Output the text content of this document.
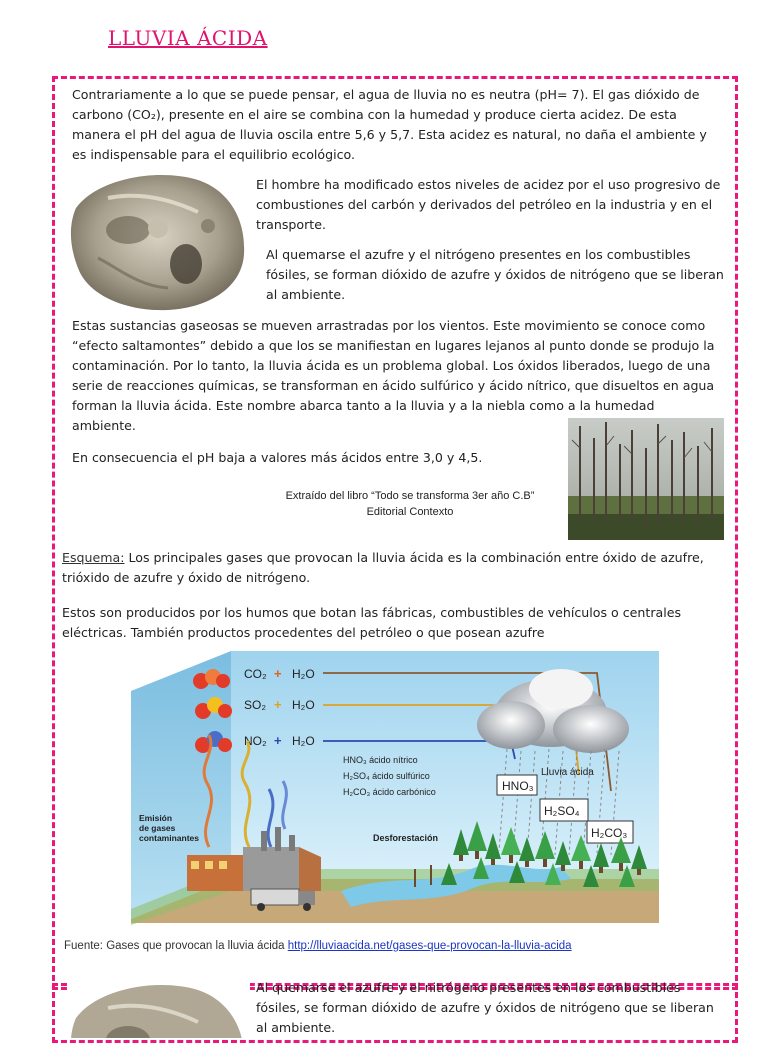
LLUVIA ÁCIDA

Contrariamente a lo que se puede pensar, el agua de lluvia no es neutra (pH= 7). El gas dióxido de carbono (CO₂), presente en el aire se combina con la humedad y produce cierta acidez. De esta manera el pH del agua de lluvia oscila entre 5,6 y 5,7. Esta acidez es natural, no daña el ambiente y es indispensable para el equilibrio ecológico.

El hombre ha modificado estos niveles de acidez por el uso progresivo de combustiones del carbón y derivados del petróleo en la industria y en el transporte.

Al quemarse el azufre y el nitrógeno presentes en los combustibles fósiles, se forman dióxido de azufre y óxidos de nitrógeno que se liberan al ambiente.

Estas sustancias gaseosas se mueven arrastradas por los vientos. Este movimiento se conoce como “efecto saltamontes” debido a que los se manifiestan en lugares lejanos al punto donde se produjo la contaminación. Por lo tanto, la lluvia ácida es un problema global. Los óxidos liberados, luego de una serie de reacciones químicas, se transforman en ácido sulfúrico y ácido nítrico, que disueltos en agua forman la lluvia ácida. Este nombre abarca tanto a la lluvia y a la niebla como a la humedad ambiente.

En consecuencia el pH baja a valores más ácidos entre 3,0 y 4,5.

Extraído del libro “Todo se transforma 3er año C.B”
Editorial Contexto

Esquema: Los principales gases que provocan la lluvia ácida es la combinación entre óxido de azufre, trióxido de azufre y óxido de nitrógeno.

Estos son producidos por los humos que botan las fábricas, combustibles de vehículos o centrales eléctricas. También productos procedentes del petróleo o que posean azufre

CO₂ + H₂O
SO₂ + H₂O
NO₂ + H₂O
HNO₃ ácido nítrico
H₂SO₄ ácido sulfúrico
H₂CO₃ ácido carbónico
Lluvia ácida
HNO₃
H₂SO₄
H₂CO₃
Emisión
de gases
contaminantes	Desforestación
Fuente: Gases que provocan la lluvia ácida http://lluviaacida.net/gases-que-provocan-la-lluvia-acida

Al quemarse el azufre y el nitrógeno presentes en los combustibles fósiles, se forman dióxido de azufre y óxidos de nitrógeno que se liberan al ambiente.
